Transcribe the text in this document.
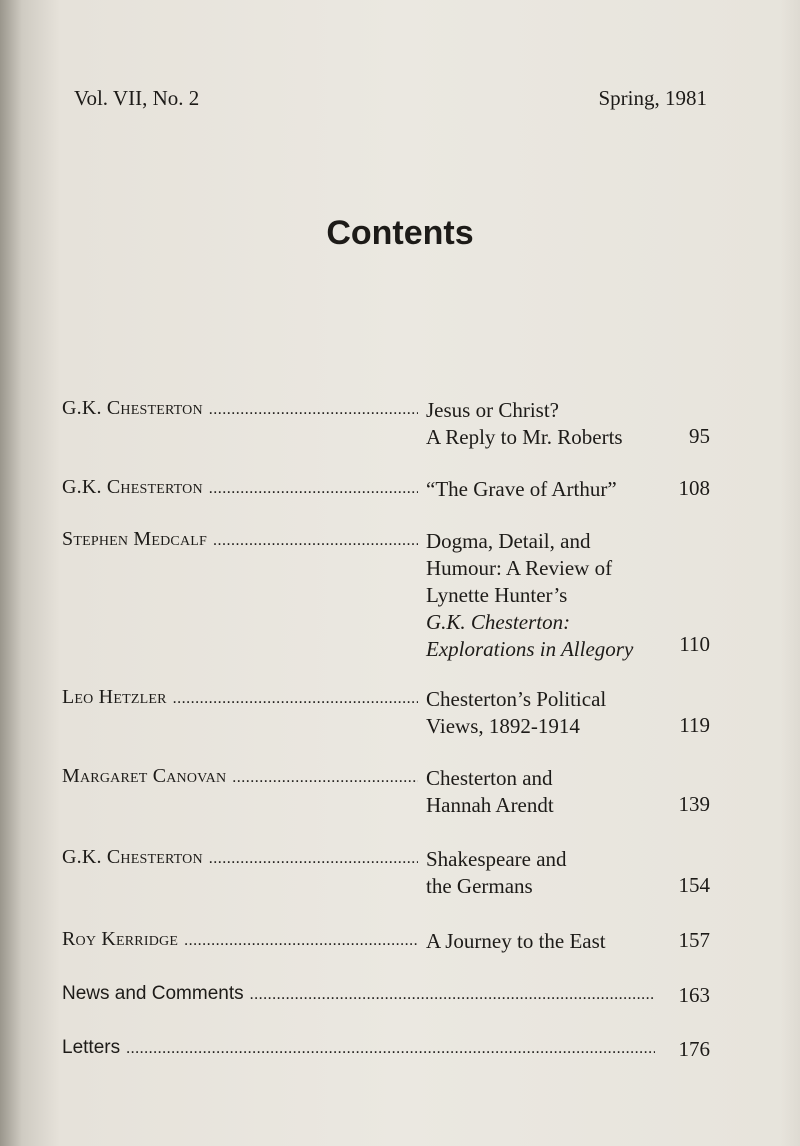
Vol. VII, No. 2	Spring, 1981
Contents
G.K. Chesterton .....	Jesus or Christ?
A Reply to Mr. Roberts	95
G.K. Chesterton .....	“The Grave of Arthur”	108
Stephen Medcalf .....	Dogma, Detail, and
Humour: A Review of
Lynette Hunter’s
G.K. Chesterton:
Explorations in Allegory	110
Leo Hetzler .....	Chesterton’s Political
Views, 1892-1914	119
Margaret Canovan .....	Chesterton and
Hannah Arendt	139
G.K. Chesterton .....	Shakespeare and
the Germans	154
Roy Kerridge .....	A Journey to the East	157
News and Comments .....	163
Letters .....	176
